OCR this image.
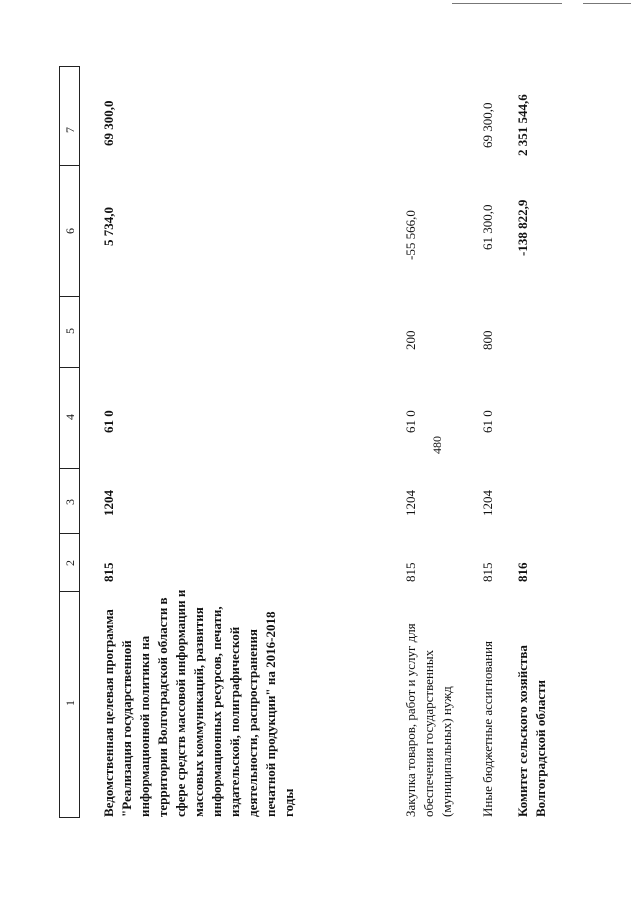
480
1
2
3
4
5
6
7
Ведомственная целевая программа "Реализация государственной информационной политики на территории Волгоградской области в сфере средств массовой информации и массовых коммуникаций, развития информационных ресурсов, печати, издательской, полиграфической деятельности, распространения печатной продукции" на 2016-2018 годы
815
1204
61 0
5 734,0
69 300,0
Закупка товаров, работ и услуг для обеспечения государственных (муниципальных) нужд
815
1204
61 0
200
-55 566,0
Иные бюджетные ассигнования
815
1204
61 0
800
61 300,0
69 300,0
Комитет сельского хозяйства Волгоградской области
816
-138 822,9
2 351 544,6
